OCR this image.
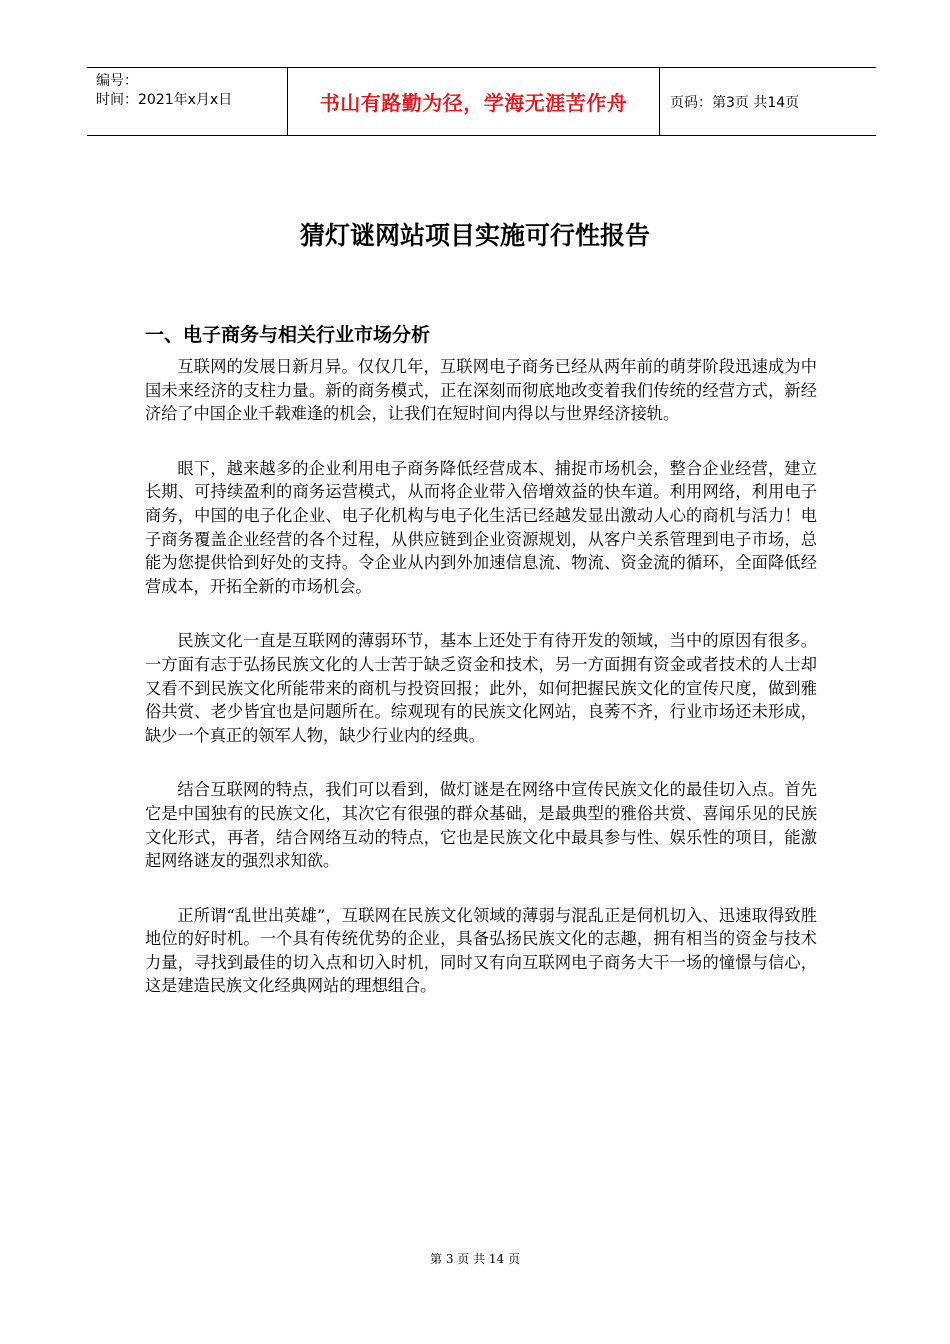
编号：
时间：2021年x月x日	书山有路勤为径，学海无涯苦作舟	页码：第3页 共14页
猜灯谜网站项目实施可行性报告
一、电子商务与相关行业市场分析

互联网的发展日新月异。仅仅几年，互联网电子商务已经从两年前的萌芽阶段迅速成为中国未来经济的支柱力量。新的商务模式，正在深刻而彻底地改变着我们传统的经营方式，新经济给了中国企业千载难逢的机会，让我们在短时间内得以与世界经济接轨。

眼下，越来越多的企业利用电子商务降低经营成本、捕捉市场机会，整合企业经营，建立长期、可持续盈利的商务运营模式，从而将企业带入倍增效益的快车道。利用网络，利用电子商务，中国的电子化企业、电子化机构与电子化生活已经越发显出激动人心的商机与活力！电子商务覆盖企业经营的各个过程，从供应链到企业资源规划，从客户关系管理到电子市场，总能为您提供恰到好处的支持。令企业从内到外加速信息流、物流、资金流的循环，全面降低经营成本，开拓全新的市场机会。

民族文化一直是互联网的薄弱环节，基本上还处于有待开发的领域，当中的原因有很多。一方面有志于弘扬民族文化的人士苦于缺乏资金和技术，另一方面拥有资金或者技术的人士却又看不到民族文化所能带来的商机与投资回报；此外，如何把握民族文化的宣传尺度，做到雅俗共赏、老少皆宜也是问题所在。综观现有的民族文化网站，良莠不齐，行业市场还未形成，缺少一个真正的领军人物，缺少行业内的经典。

结合互联网的特点，我们可以看到，做灯谜是在网络中宣传民族文化的最佳切入点。首先它是中国独有的民族文化，其次它有很强的群众基础，是最典型的雅俗共赏、喜闻乐见的民族文化形式，再者，结合网络互动的特点，它也是民族文化中最具参与性、娱乐性的项目，能激起网络谜友的强烈求知欲。

正所谓“乱世出英雄”，互联网在民族文化领域的薄弱与混乱正是伺机切入、迅速取得致胜地位的好时机。一个具有传统优势的企业，具备弘扬民族文化的志趣，拥有相当的资金与技术力量，寻找到最佳的切入点和切入时机，同时又有向互联网电子商务大干一场的憧憬与信心，这是建造民族文化经典网站的理想组合。

第 3 页 共 14 页
